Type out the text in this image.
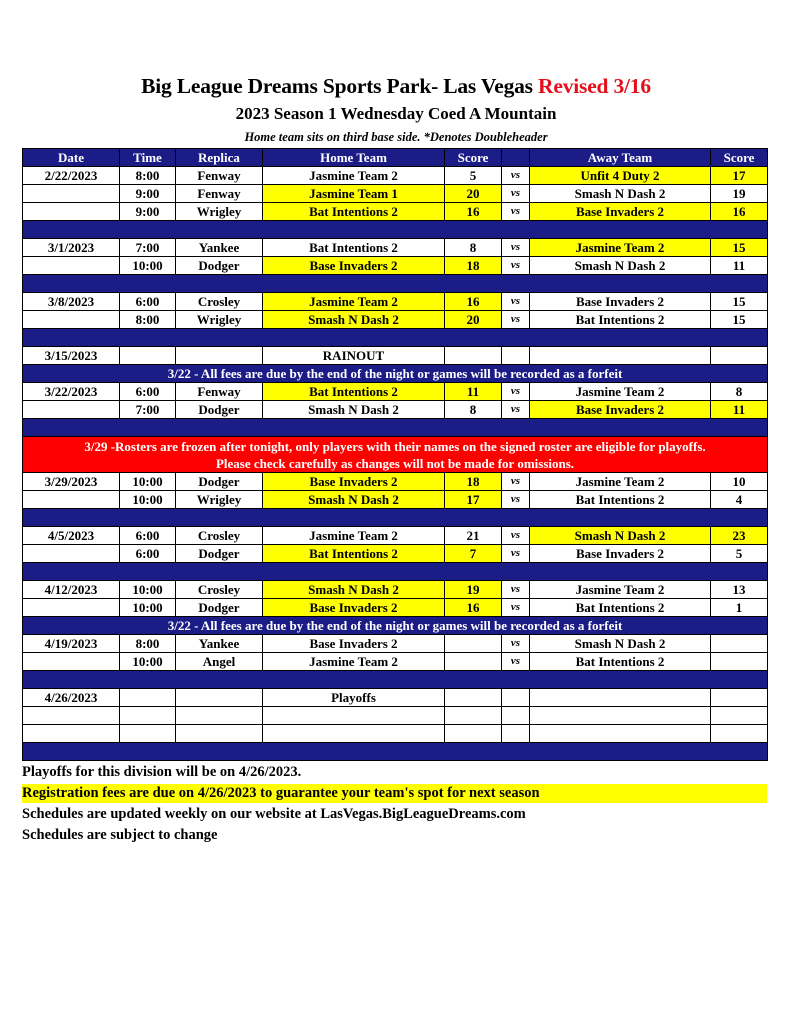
Big League Dreams Sports Park- Las Vegas Revised 3/16
2023 Season 1 Wednesday Coed A Mountain
Home team sits on third base side. *Denotes Doubleheader
Date	Time	Replica	Home Team	Score		Away Team	Score
2/22/2023	8:00	Fenway	Jasmine Team 2	5	vs	Unfit 4 Duty 2	17
	9:00	Fenway	Jasmine Team 1	20	vs	Smash N Dash 2	19
	9:00	Wrigley	Bat Intentions 2	16	vs	Base Invaders 2	16

3/1/2023	7:00	Yankee	Bat Intentions 2	8	vs	Jasmine Team 2	15
	10:00	Dodger	Base Invaders 2	18	vs	Smash N Dash 2	11

3/8/2023	6:00	Crosley	Jasmine Team 2	16	vs	Base Invaders 2	15
	8:00	Wrigley	Smash N Dash 2	20	vs	Bat Intentions 2	15

3/15/2023			RAINOUT				
3/22 - All fees are due by the end of the night or games will be recorded as a forfeit							
3/22/2023	6:00	Fenway	Bat Intentions 2	11	vs	Jasmine Team 2	8
	7:00	Dodger	Smash N Dash 2	8	vs	Base Invaders 2	11

3/29 -Rosters are frozen after tonight, only players with their names on the signed roster are eligible for playoffs.
Please check carefully as changes will not be made for omissions.							

3/29/2023	10:00	Dodger	Base Invaders 2	18	vs	Jasmine Team 2	10
	10:00	Wrigley	Smash N Dash 2	17	vs	Bat Intentions 2	4

4/5/2023	6:00	Crosley	Jasmine Team 2	21	vs	Smash N Dash 2	23
	6:00	Dodger	Bat Intentions 2	7	vs	Base Invaders 2	5

4/12/2023	10:00	Crosley	Smash N Dash 2	19	vs	Jasmine Team 2	13
	10:00	Dodger	Base Invaders 2	16	vs	Bat Intentions 2	1
3/22 - All fees are due by the end of the night or games will be recorded as a forfeit							
4/19/2023	8:00	Yankee	Base Invaders 2		vs	Smash N Dash 2	
	10:00	Angel	Jasmine Team 2		vs	Bat Intentions 2	

4/26/2023			Playoffs				

Playoffs for this division will be on 4/26/2023.
Registration fees are due on 4/26/2023 to guarantee your team's spot for next season
Schedules are updated weekly on our website at LasVegas.BigLeagueDreams.com
Schedules are subject to change
